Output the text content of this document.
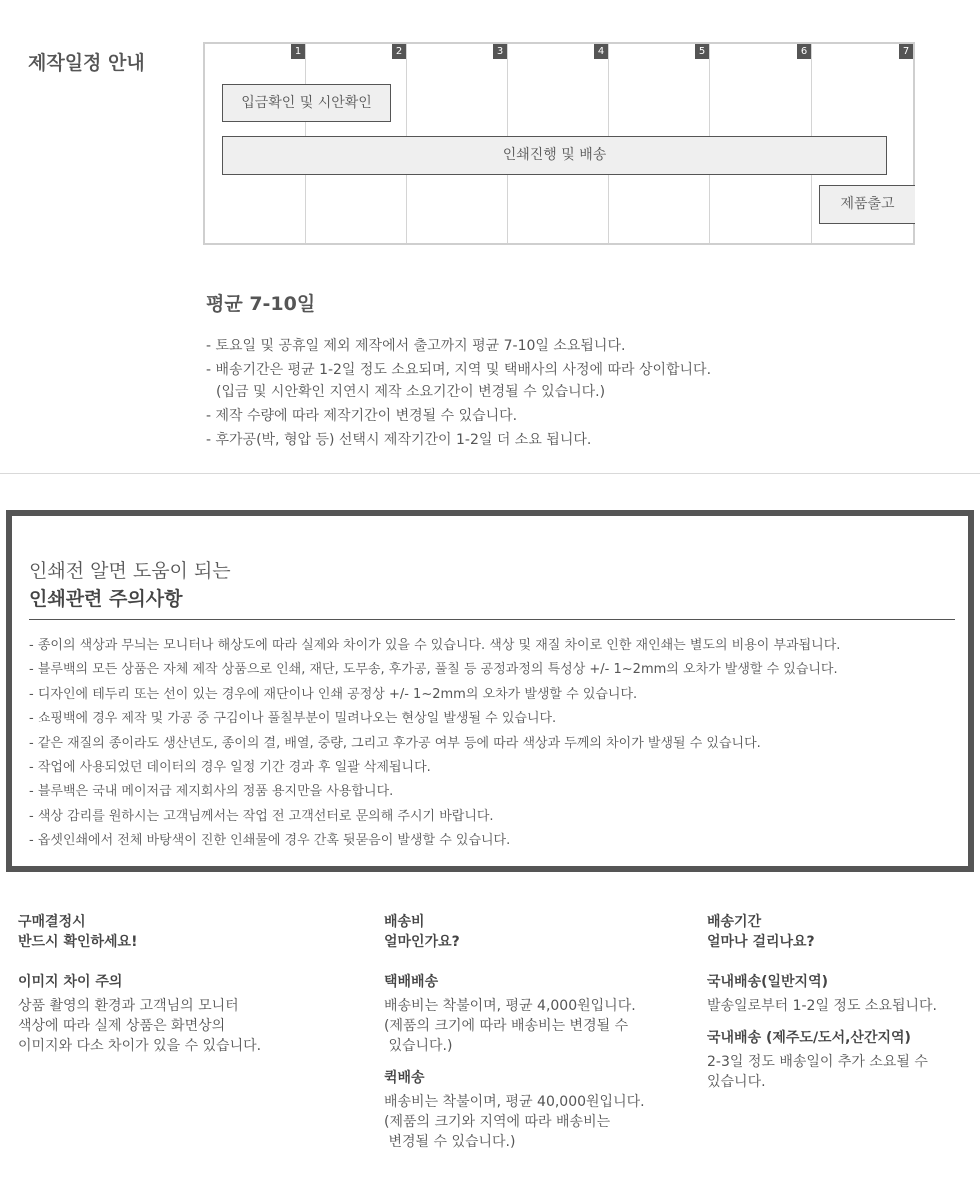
제작일정 안내
1	2	3	4	5	6	7
입금확인 및 시안확인
인쇄진행 및 배송
제품출고
평균 7-10일
- 토요일 및 공휴일 제외 제작에서 출고까지 평균 7-10일 소요됩니다.
- 배송기간은 평균 1-2일 정도 소요되며, 지역 및 택배사의 사정에 따라 상이합니다.
(입금 및 시안확인 지연시 제작 소요기간이 변경될 수 있습니다.)
- 제작 수량에 따라 제작기간이 변경될 수 있습니다.
- 후가공(박, 형압 등) 선택시 제작기간이 1-2일 더 소요 됩니다.
인쇄전 알면 도움이 되는
인쇄관련 주의사항
- 종이의 색상과 무늬는 모니터나 해상도에 따라 실제와 차이가 있을 수 있습니다. 색상 및 재질 차이로 인한 재인쇄는 별도의 비용이 부과됩니다.
- 블루백의 모든 상품은 자체 제작 상품으로 인쇄, 재단, 도무송, 후가공, 풀칠 등 공정과정의 특성상 +/- 1~2mm의 오차가 발생할 수 있습니다.
- 디자인에 테두리 또는 선이 있는 경우에 재단이나 인쇄 공정상 +/- 1~2mm의 오차가 발생할 수 있습니다.
- 쇼핑백에 경우 제작 및 가공 중 구김이나 풀칠부분이 밀려나오는 현상일 발생될 수 있습니다.
- 같은 재질의 종이라도 생산년도, 종이의 결, 배열, 중량, 그리고 후가공 여부 등에 따라 색상과 두께의 차이가 발생될 수 있습니다.
- 작업에 사용되었던 데이터의 경우 일정 기간 경과 후 일괄 삭제됩니다.
- 블루백은 국내 메이저급 제지회사의 정품 용지만을 사용합니다.
- 색상 감리를 원하시는 고객님께서는 작업 전 고객선터로 문의해 주시기 바랍니다.
- 옵셋인쇄에서 전체 바탕색이 진한 인쇄물에 경우 간혹 뒷묻음이 발생할 수 있습니다.

구매결정시

반드시 확인하세요!

이미지 차이 주의

상품 촬영의 환경과 고객님의 모니터

색상에 따라 실제 상품은 화면상의

이미지와 다소 차이가 있을 수 있습니다.

배송비

얼마인가요?

택배배송

배송비는 착불이며, 평균 4,000원입니다.

(제품의 크기에 따라 배송비는 변경될 수

있습니다.)

퀵배송

배송비는 착불이며, 평균 40,000원입니다.

(제품의 크기와 지역에 따라 배송비는

변경될 수 있습니다.)

배송기간

얼마나 걸리나요?

국내배송(일반지역)

발송일로부터 1-2일 정도 소요됩니다.

국내배송 (제주도/도서,산간지역)

2-3일 정도 배송일이 추가 소요될 수

있습니다.
